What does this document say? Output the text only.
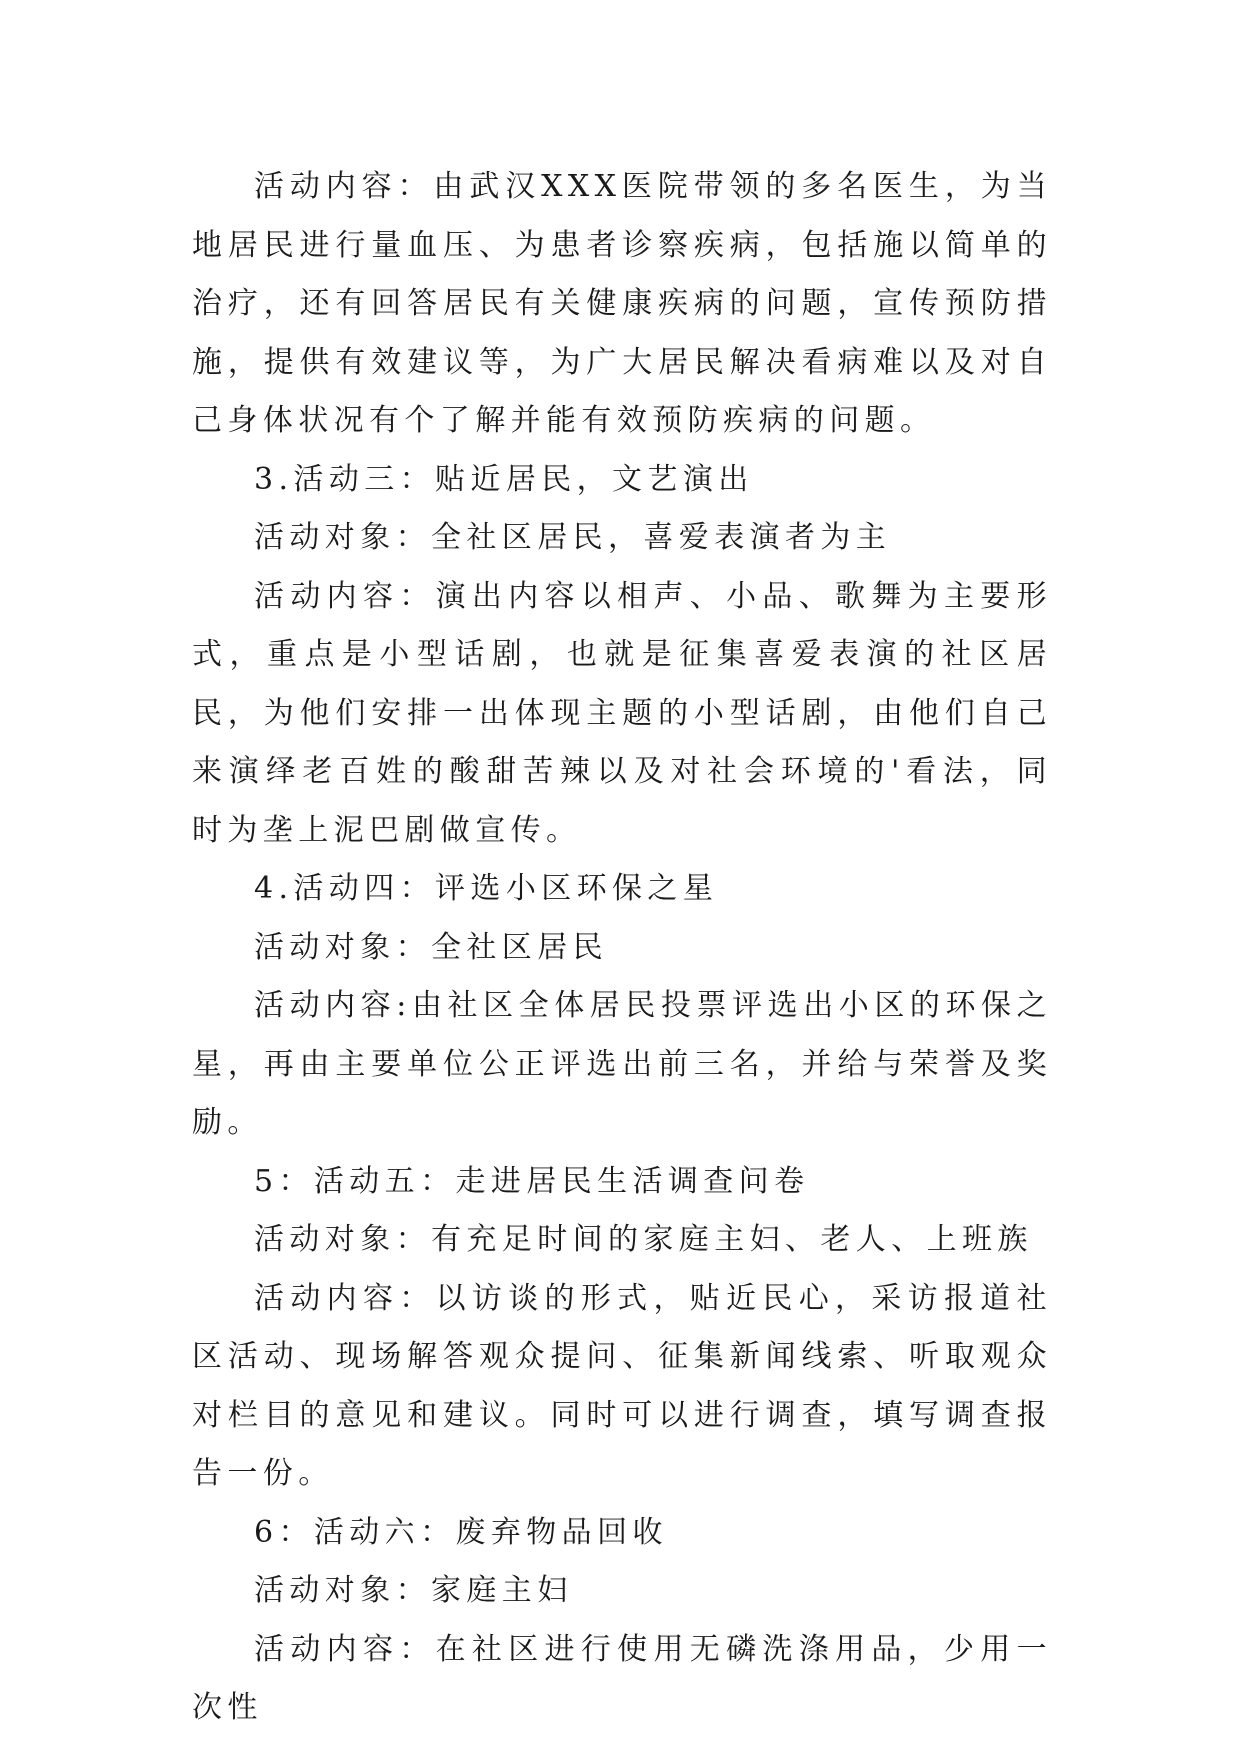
活动内容：由武汉XXX医院带领的多名医生，为当地居民进行量血压、为患者诊察疾病，包括施以简单的治疗，还有回答居民有关健康疾病的问题，宣传预防措施，提供有效建议等，为广大居民解决看病难以及对自己身体状况有个了解并能有效预防疾病的问题。

3.活动三：贴近居民，文艺演出

活动对象：全社区居民，喜爱表演者为主

活动内容：演出内容以相声、小品、歌舞为主要形式，重点是小型话剧，也就是征集喜爱表演的社区居民，为他们安排一出体现主题的小型话剧，由他们自己来演绎老百姓的酸甜苦辣以及对社会环境的'看法，同时为垄上泥巴剧做宣传。

4.活动四：评选小区环保之星

活动对象：全社区居民

活动内容:由社区全体居民投票评选出小区的环保之星，再由主要单位公正评选出前三名，并给与荣誉及奖励。

5：活动五：走进居民生活调查问卷

活动对象：有充足时间的家庭主妇、老人、上班族

活动内容：以访谈的形式，贴近民心，采访报道社区活动、现场解答观众提问、征集新闻线索、听取观众对栏目的意见和建议。同时可以进行调查，填写调查报告一份。

6：活动六：废弃物品回收

活动对象：家庭主妇

活动内容：在社区进行使用无磷洗涤用品，少用一次性
